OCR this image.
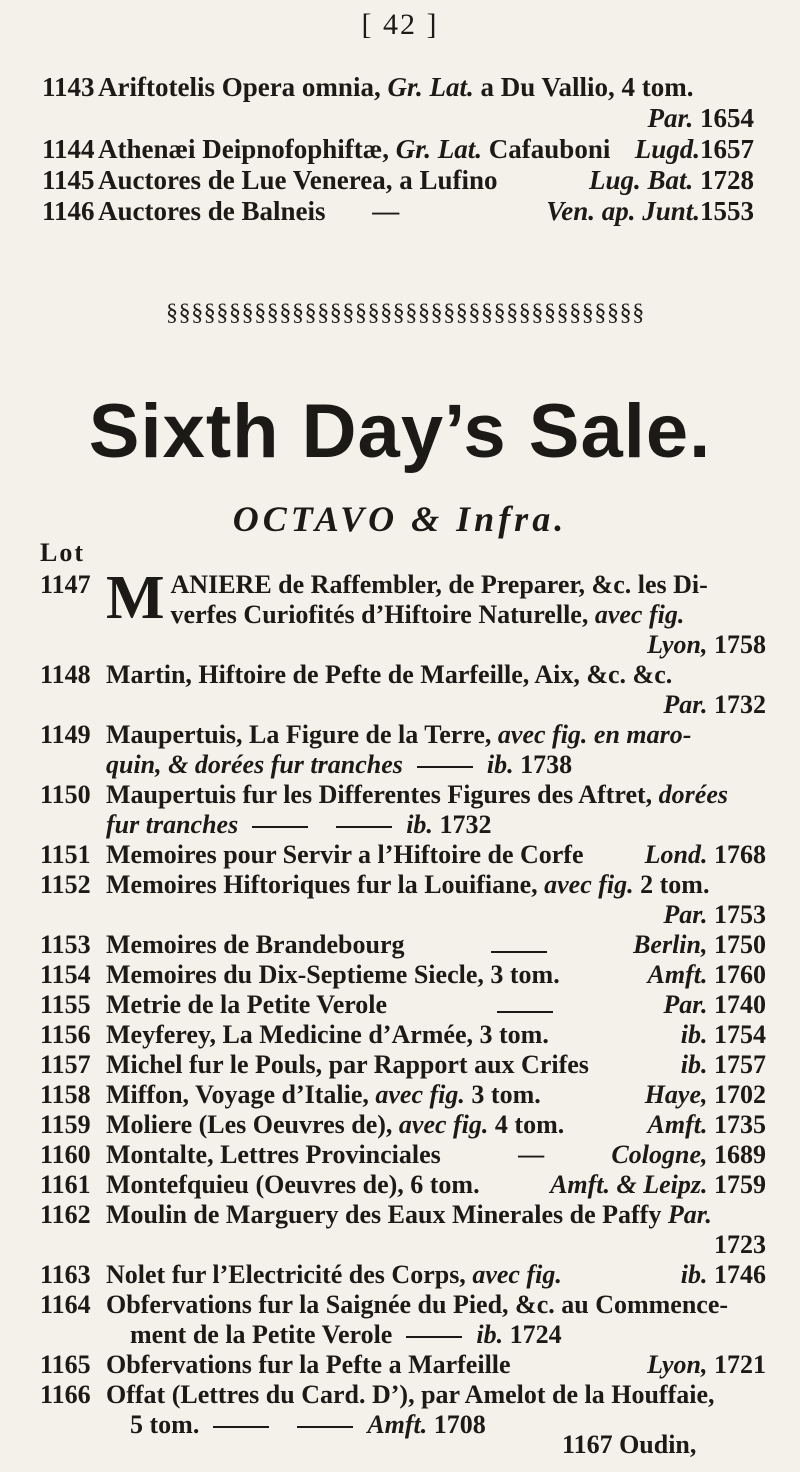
[ 42 ]
1143 Ariftotelis Opera omnia, Gr. Lat. a Du Vallio, 4 tom.
Par. 1654
1144 Athenæi Deipnofophiftæ, Gr. Lat. Cafauboni Lugd.1657
1145 Auctores de Lue Venerea, a Lufino	Lug. Bat. 1728
1146 Auctores de Balneis —	Ven. ap. Junt.1553
§§§§§§§§§§§§§§§§§§§§§§§§§§§§§§§§§§§§§§
Sixth Day’s Sale.
OCTAVO & Infra.
Lot
1147 MANIERE de Raffembler, de Preparer, &c. les Di-
verfes Curiofités d’Hiftoire Naturelle, avec fig.
Lyon, 1758
1148 Martin, Hiftoire de Pefte de Marfeille, Aix, &c. &c.
Par. 1732
1149 Maupertuis, La Figure de la Terre, avec fig. en maro-
quin, & dorées fur tranches	ib. 1738
1150 Maupertuis fur les Differentes Figures des Aftret, dorées
fur tranches	ib. 1732
1151 Memoires pour Servir a l’Hiftoire de Corfe Lond. 1768
1152 Memoires Hiftoriques fur la Louifiane, avec fig. 2 tom.
Par. 1753
1153 Memoires de Brandebourg	Berlin, 1750
1154 Memoires du Dix-Septieme Siecle, 3 tom.	Amft. 1760
1155 Metrie de la Petite Verole	Par. 1740
1156 Meyferey, La Medicine d’Armée, 3 tom.	ib. 1754
1157 Michel fur le Pouls, par Rapport aux Crifes	ib. 1757
1158 Miffon, Voyage d’Italie, avec fig. 3 tom.	Haye, 1702
1159 Moliere (Les Oeuvres de), avec fig. 4 tom.	Amft. 1735
1160 Montalte, Lettres Provinciales	—	Cologne, 1689
1161 Montefquieu (Oeuvres de), 6 tom.	Amft. & Leipz. 1759
1162 Moulin de Marguery des Eaux Minerales de Paffy Par.
1723
1163 Nolet fur l’Electricité des Corps, avec fig.	ib. 1746
1164 Obfervations fur la Saignée du Pied, &c. au Commence-
ment de la Petite Verole	ib. 1724
1165 Obfervations fur la Pefte a Marfeille	Lyon, 1721
1166 Offat (Lettres du Card. D’), par Amelot de la Houffaie,
5 tom.	Amft. 1708
1167 Oudin,
